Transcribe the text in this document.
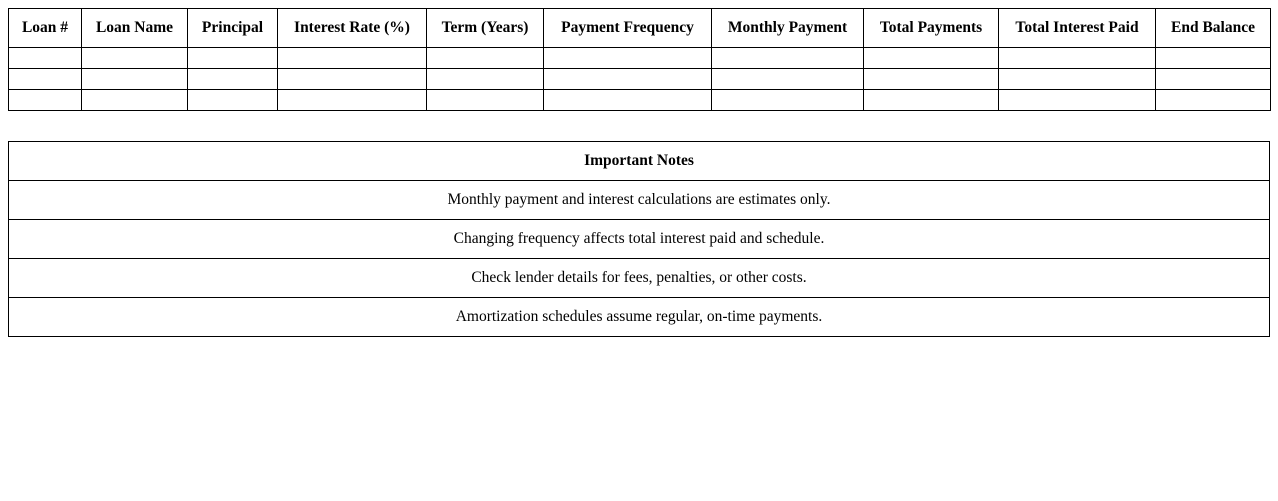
Loan #	Loan Name	Principal	Interest Rate (%)	Term (Years)	Payment Frequency	Monthly Payment	Total Payments	Total Interest Paid	End Balance

Important Notes
Monthly payment and interest calculations are estimates only.
Changing frequency affects total interest paid and schedule.
Check lender details for fees, penalties, or other costs.
Amortization schedules assume regular, on-time payments.
